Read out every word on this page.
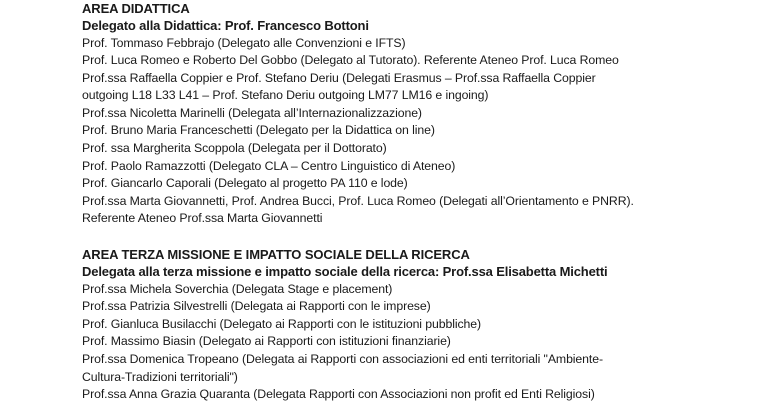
AREA DIDATTICA
Delegato alla Didattica: Prof. Francesco Bottoni
Prof. Tommaso Febbrajo (Delegato alle Convenzioni e IFTS)
Prof. Luca Romeo e Roberto Del Gobbo (Delegato al Tutorato). Referente Ateneo Prof. Luca Romeo
Prof.ssa Raffaella Coppier e Prof. Stefano Deriu (Delegati Erasmus – Prof.ssa Raffaella Coppier
outgoing L18 L33 L41 – Prof. Stefano Deriu outgoing LM77 LM16 e ingoing)
Prof.ssa Nicoletta Marinelli (Delegata all’Internazionalizzazione)
Prof. Bruno Maria Franceschetti (Delegato per la Didattica on line)
Prof. ssa Margherita Scoppola (Delegata per il Dottorato)
Prof. Paolo Ramazzotti (Delegato CLA – Centro Linguistico di Ateneo)
Prof. Giancarlo Caporali (Delegato al progetto PA 110 e lode)
Prof.ssa Marta Giovannetti, Prof. Andrea Bucci, Prof. Luca Romeo (Delegati all’Orientamento e PNRR).
Referente Ateneo Prof.ssa Marta Giovannetti
AREA TERZA MISSIONE E IMPATTO SOCIALE DELLA RICERCA
Delegata alla terza missione e impatto sociale della ricerca: Prof.ssa Elisabetta Michetti
Prof.ssa Michela Soverchia (Delegata Stage e placement)
Prof.ssa Patrizia Silvestrelli (Delegata ai Rapporti con le imprese)
Prof. Gianluca Busilacchi (Delegato ai Rapporti con le istituzioni pubbliche)
Prof. Massimo Biasin (Delegato ai Rapporti con istituzioni finanziarie)
Prof.ssa Domenica Tropeano (Delegata ai Rapporti con associazioni ed enti territoriali "Ambiente-
Cultura-Tradizioni territoriali")
Prof.ssa Anna Grazia Quaranta (Delegata Rapporti con Associazioni non profit ed Enti Religiosi)
